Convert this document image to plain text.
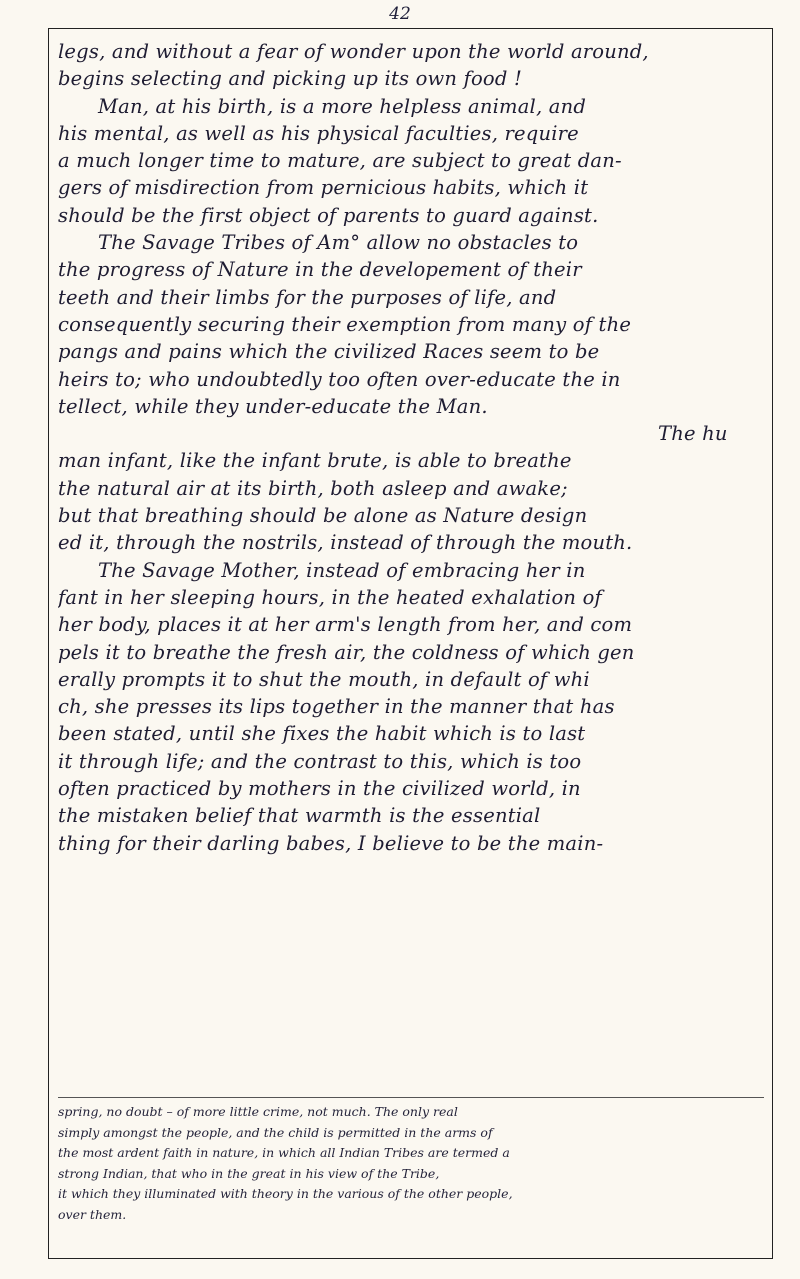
42
legs, and without a fear of wonder upon the world around,
begins selecting and picking up its own food !
Man, at his birth, is a more helpless animal, and
his mental, as well as his physical faculties, require
a much longer time to mature, are subject to great dan-
gers of misdirection from pernicious habits, which it
should be the first object of parents to guard against.
The Savage Tribes of Am° allow no obstacles to
the progress of Nature in the developement of their
teeth and their limbs for the purposes of life, and
consequently securing their exemption from many of the
pangs and pains which the civilized Races seem to be
heirs to; who undoubtedly too often over-educate the in
tellect, while they under-educate the Man.
The hu
man infant, like the infant brute, is able to breathe
the natural air at its birth, both asleep and awake;
but that breathing should be alone as Nature design
ed it, through the nostrils, instead of through the mouth.
The Savage Mother, instead of embracing her in
fant in her sleeping hours, in the heated exhalation of
her body, places it at her arm's length from her, and com
pels it to breathe the fresh air, the coldness of which gen
erally prompts it to shut the mouth, in default of whi
ch, she presses its lips together in the manner that has
been stated, until she fixes the habit which is to last
it through life; and the contrast to this, which is too
often practiced by mothers in the civilized world, in
the mistaken belief that warmth is the essential
thing for their darling babes, I believe to be the main-
spring, no doubt – of more little crime, not much. The only real
simply amongst the people, and the child is permitted in the arms of
the most ardent faith in nature, in which all Indian Tribes are termed a
strong Indian, that who in the great in his view of the Tribe,
it which they illuminated with theory in the various of the other people,
over them.
